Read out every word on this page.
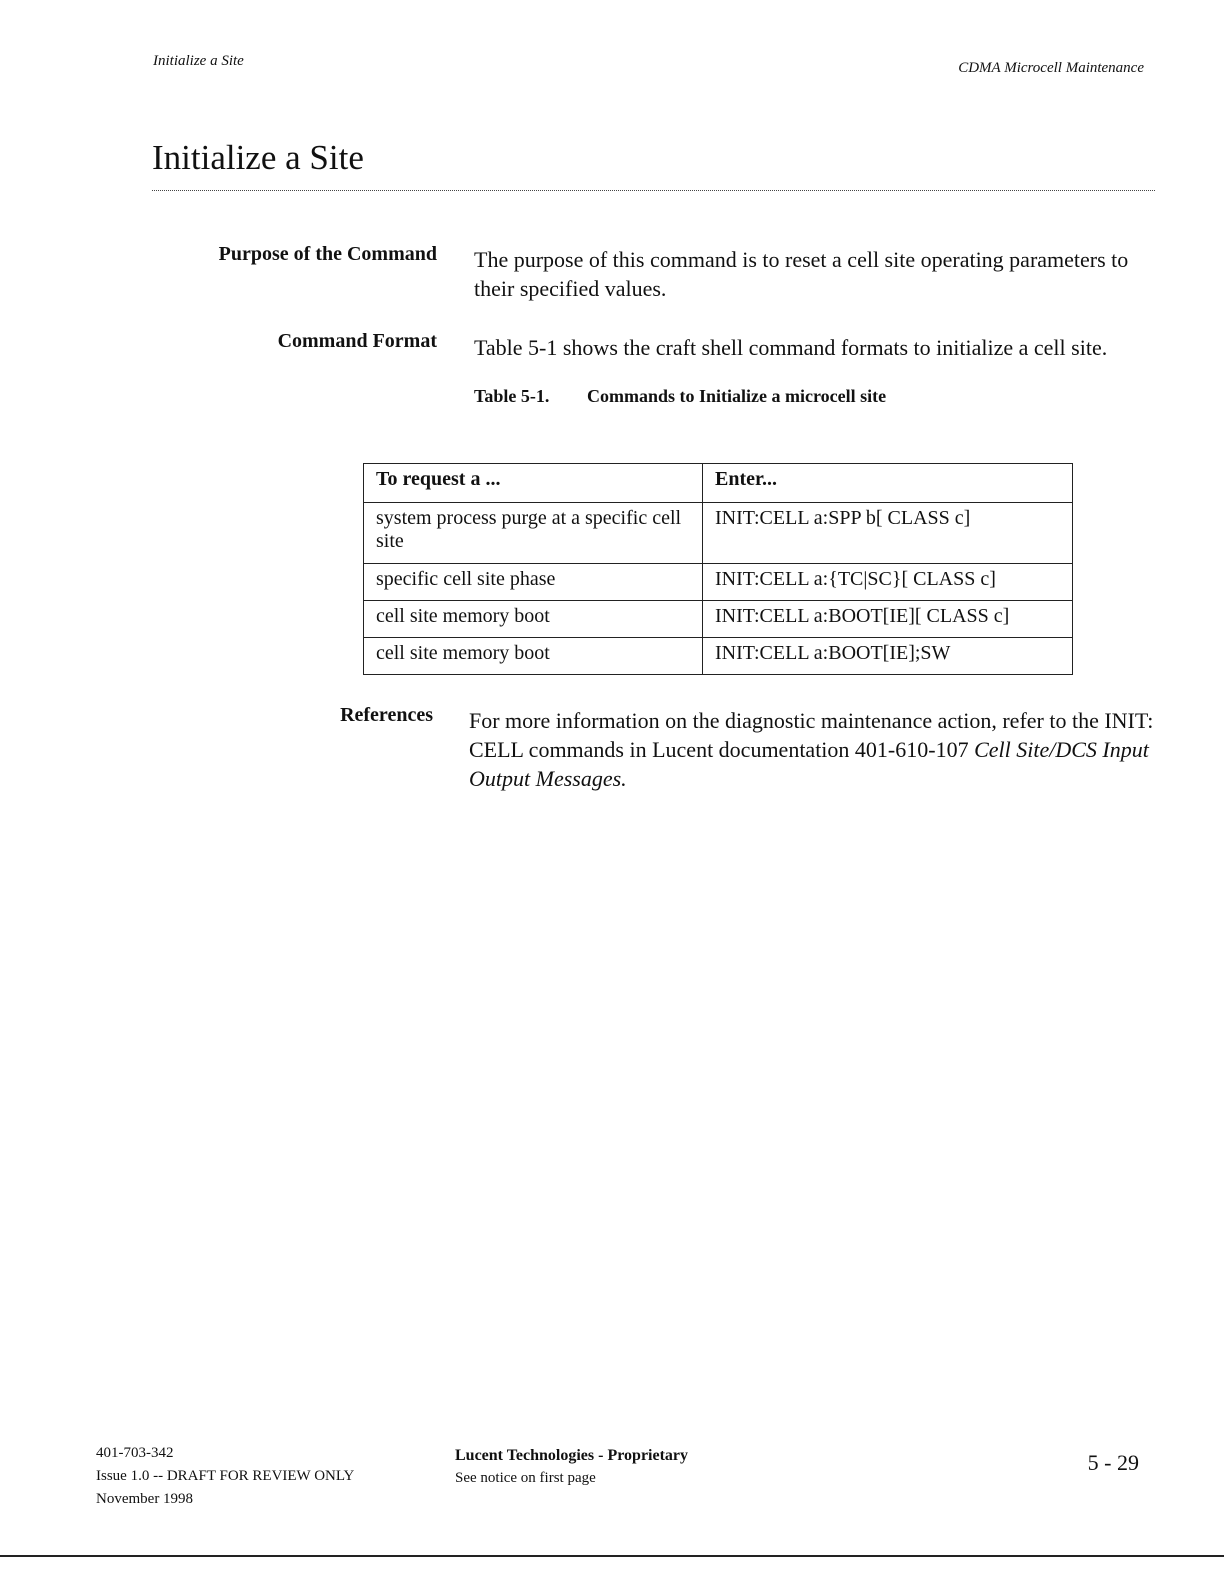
Initialize a Site	CDMA Microcell Maintenance
Initialize a Site
Purpose of the Command The purpose of this command is to reset a cell site operating parameters to their specified values.
Command Format Table 5-1 shows the craft shell command formats to initialize a cell site.
Table 5-1. Commands to Initialize a microcell site
To request a ...	Enter...
system process purge at a specific cell site	INIT:CELL a:SPP b[ CLASS c]
specific cell site phase	INIT:CELL a:{TC|SC}[ CLASS c]
cell site memory boot	INIT:CELL a:BOOT[IE][ CLASS c]
cell site memory boot	INIT:CELL a:BOOT[IE];SW
References For more information on the diagnostic maintenance action, refer to the INIT: CELL commands in Lucent documentation 401-610-107 Cell Site/DCS Input Output Messages.
401-703-342
Issue 1.0 -- DRAFT FOR REVIEW ONLY
November 1998
Lucent Technologies - Proprietary
See notice on first page
5 - 29
